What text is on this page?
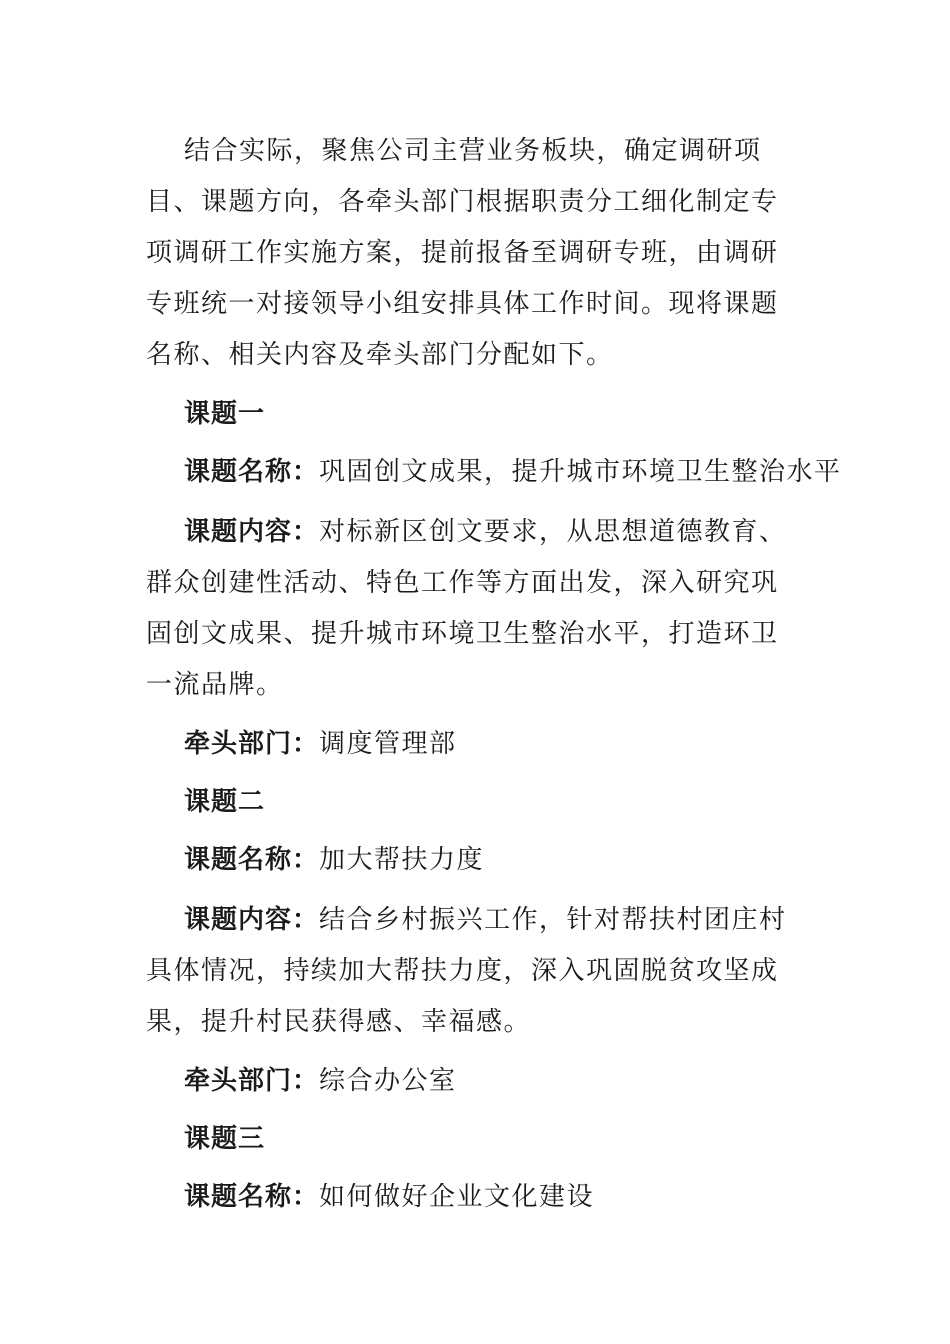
结合实际，聚焦公司主营业务板块，确定调研项目、课题方向，各牵头部门根据职责分工细化制定专项调研工作实施方案，提前报备至调研专班，由调研专班统一对接领导小组安排具体工作时间。现将课题名称、相关内容及牵头部门分配如下。

课题一

课题名称：巩固创文成果，提升城市环境卫生整治水平

课题内容：对标新区创文要求，从思想道德教育、群众创建性活动、特色工作等方面出发，深入研究巩固创文成果、提升城市环境卫生整治水平，打造环卫一流品牌。

牵头部门：调度管理部

课题二

课题名称：加大帮扶力度

课题内容：结合乡村振兴工作，针对帮扶村团庄村具体情况，持续加大帮扶力度，深入巩固脱贫攻坚成果，提升村民获得感、幸福感。

牵头部门：综合办公室

课题三

课题名称：如何做好企业文化建设
